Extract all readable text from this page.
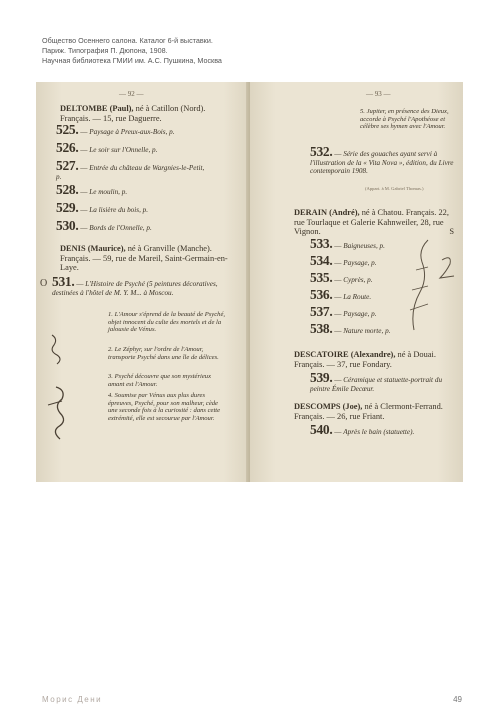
Общество Осеннего салона. Каталог 6-й выставки.
Париж. Типография П. Дюпона, 1908.
Научная библиотека ГМИИ им. А.С. Пушкина, Москва
— 92 —
DELTOMBE (Paul), né à Catillon (Nord). Français. — 15, rue Daguerre.
525. — Paysage à Preux-aux-Bois, p.
526. — Le soir sur l'Onnelle, p.
527. — Entrée du château de Wargnies-le-Petit, p.
528. — Le moulin, p.
529. — La lisière du bois, p.
530. — Bords de l'Onnelle, p.
DENIS (Maurice), né à Granville (Manche). Français. — 59, rue de Mareil, Saint-Germain-en-Laye.
O 531. — L'Histoire de Psyché (5 peintures décoratives, destinées à l'hôtel de M. Y. M... à Moscou.
1. L'Amour s'éprend de la beauté de Psyché, objet innocent du culte des mortels et de la jalousie de Vénus.
2. Le Zéphyr, sur l'ordre de l'Amour, transporte Psyché dans une île de délices.
3. Psyché découvre que son mystérieux amant est l'Amour.
4. Soumise par Vénus aux plus dures épreuves, Psyché, pour son malheur, cède une seconde fois à la curiosité : dans cette extrémité, elle est secourue par l'Amour.
— 93 —
5. Jupiter, en présence des Dieux, accorde à Psyché l'Apothéose et célèbre ses hymen avec l'Amour.
532. — Série des gouaches ayant servi à l'illustration de la « Vita Nova », édition, du Livre contemporain 1908.
(Appart. à M. Gabriel Thomas.)
DERAIN (André), né à Chatou. Français. 22, rue Tourlaque et Galerie Kahnweiler, 28, rue Vignon.	S
533. — Baigneuses, p.
534. — Paysage, p.
535. — Cyprès, p.
536. — La Route.
537. — Paysage, p.
538. — Nature morte, p.
DESCATOIRE (Alexandre), né à Douai. Français. — 37, rue Fondary.
539. — Céramique et statuette-portrait du peintre Émile Decœur.
DESCOMPS (Joe), né à Clermont-Ferrand. Français. — 26, rue Friant.
540. — Après le bain (statuette).
Морис Дени	49
